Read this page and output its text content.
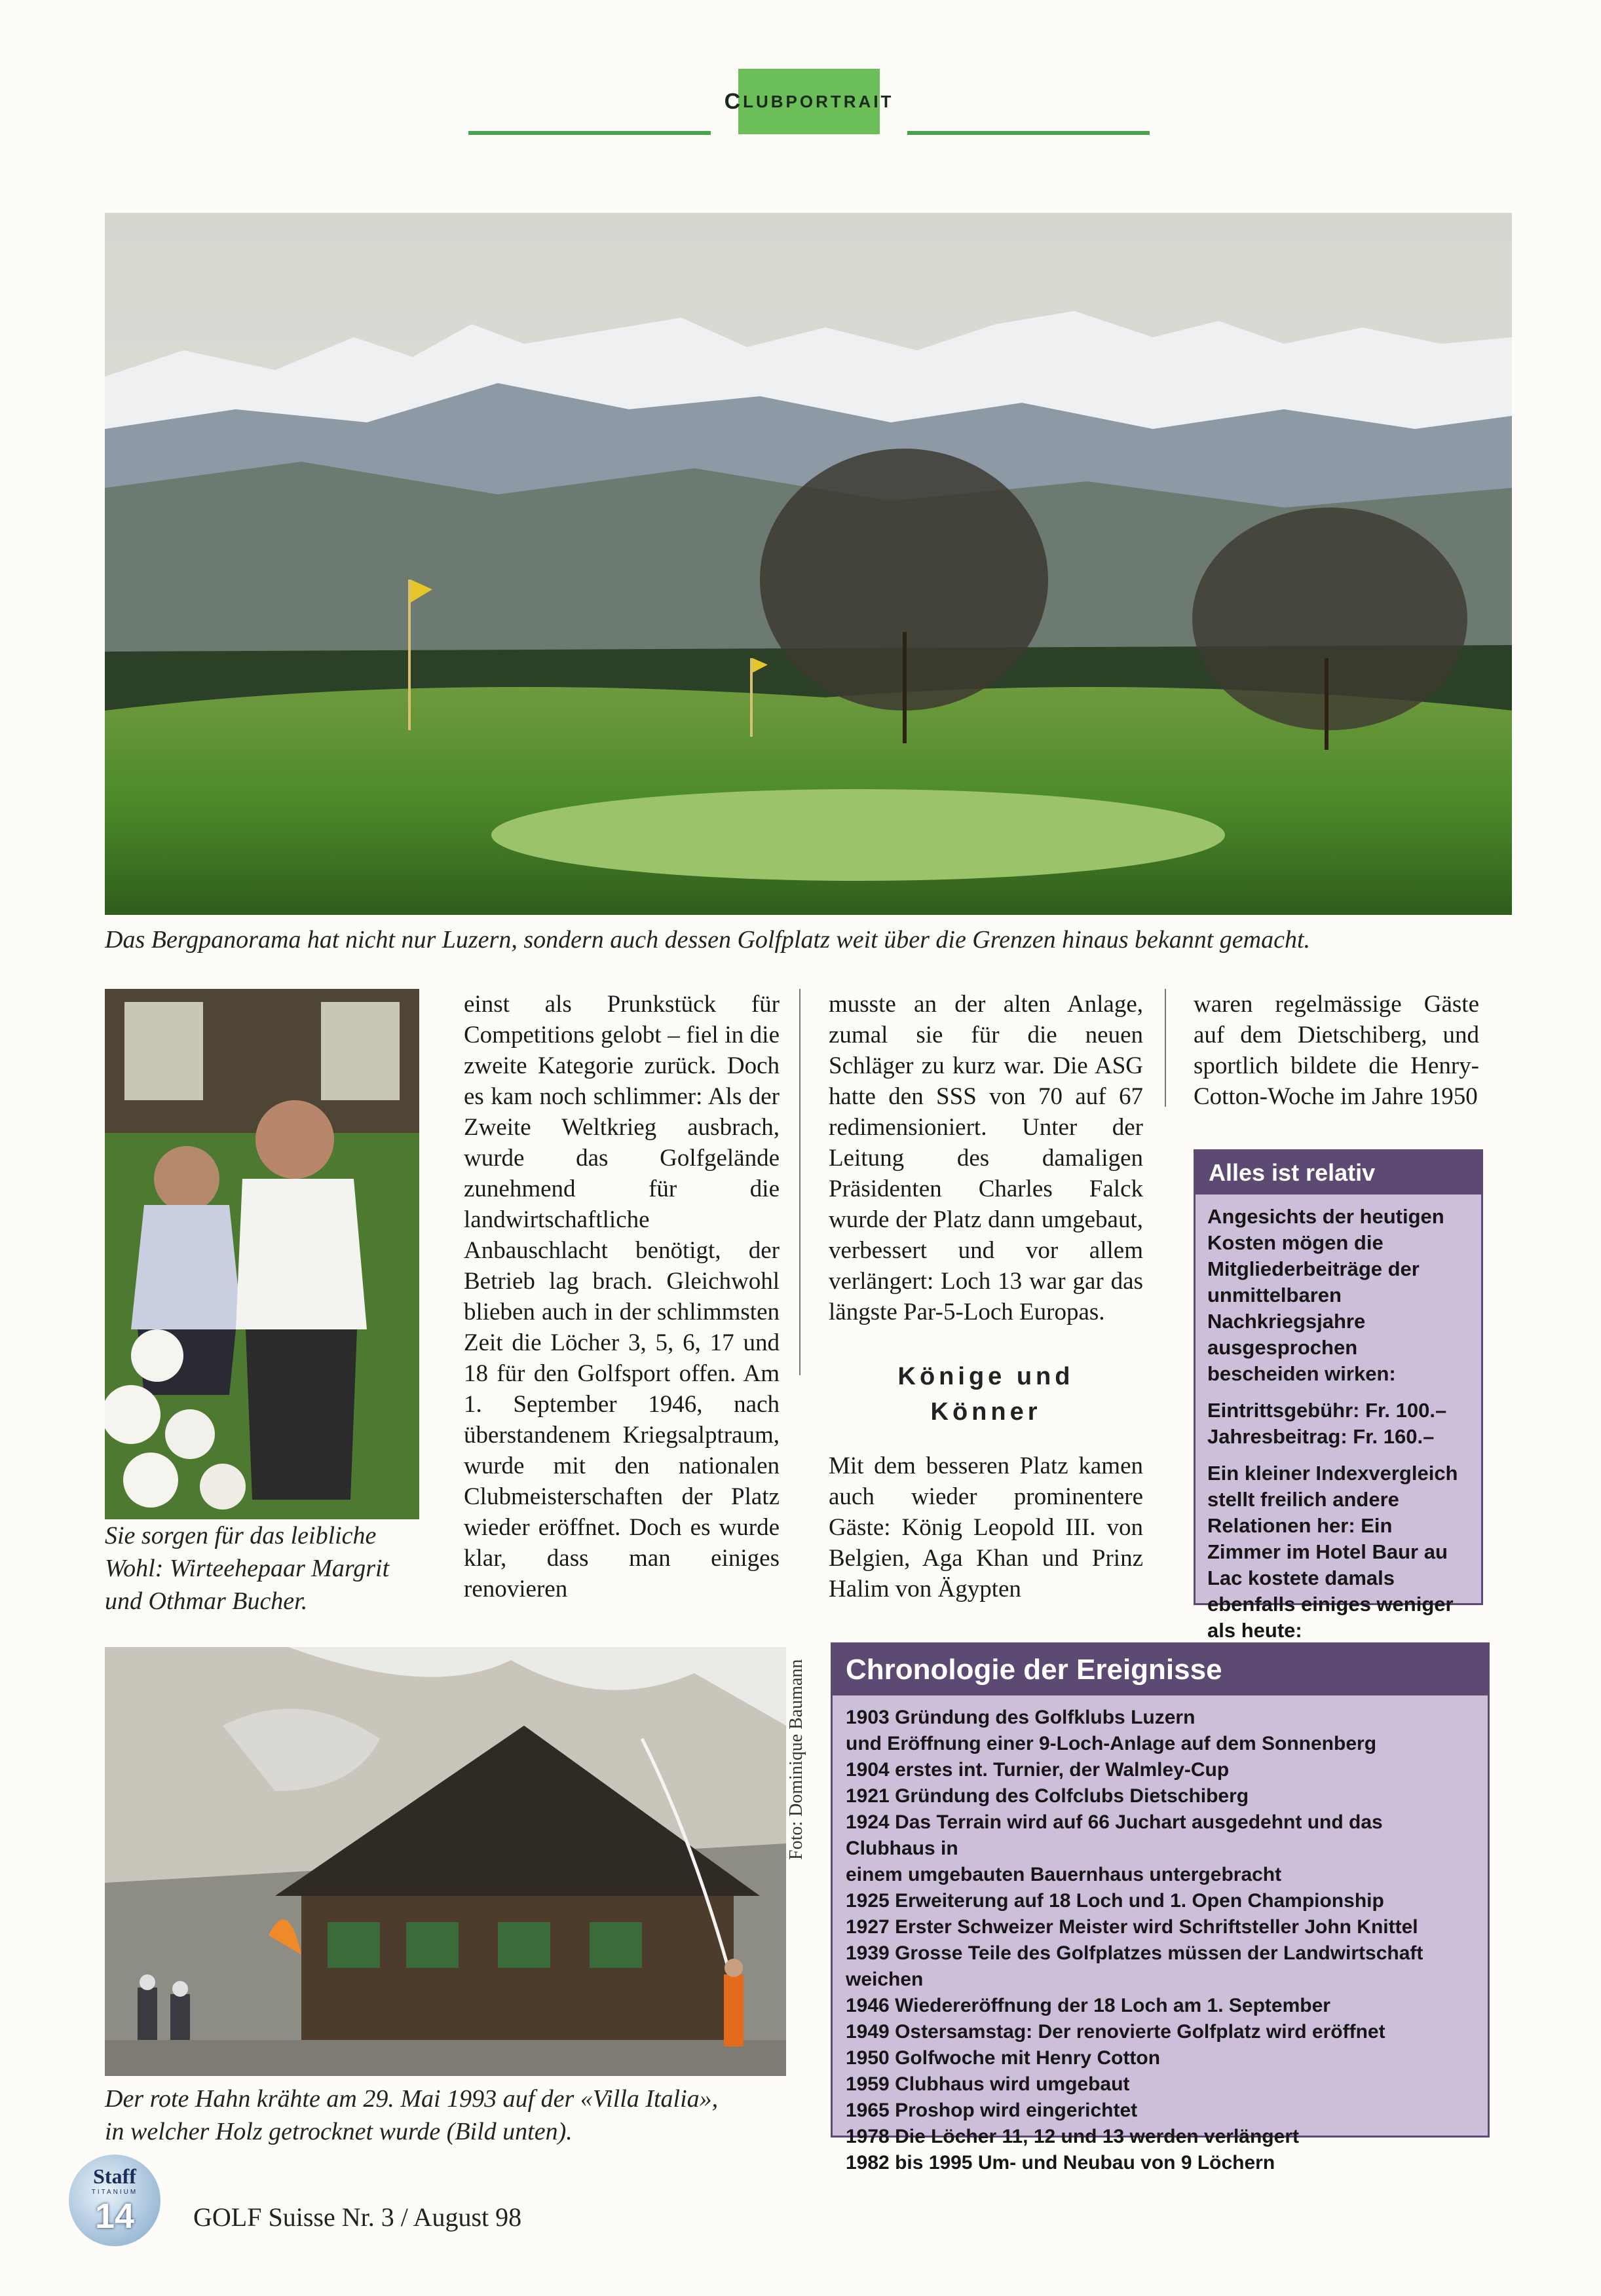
C LUBPORTRAIT
Das Bergpanorama hat nicht nur Luzern, sondern auch dessen Golfplatz weit über die Grenzen hinaus bekannt gemacht.
Sie sorgen für das leibliche
Wohl: Wirteehepaar Margrit
und Othmar Bucher.

einst als Prunkstück für Competitions gelobt – fiel in die zweite Kategorie zurück. Doch es kam noch schlimmer: Als der Zweite Weltkrieg ausbrach, wurde das Golfgelände zunehmend für die landwirtschaftliche Anbauschlacht benötigt, der Betrieb lag brach. Gleichwohl blieben auch in der schlimmsten Zeit die Löcher 3, 5, 6, 17 und 18 für den Golfsport offen. Am 1. September 1946, nach überstandenem Kriegsalptraum, wurde mit den nationalen Clubmeisterschaften der Platz wieder eröffnet. Doch es wurde klar, dass man einiges renovieren

musste an der alten Anlage, zumal sie für die neuen Schläger zu kurz war. Die ASG hatte den SSS von 70 auf 67 redimensioniert. Unter der Leitung des damaligen Präsidenten Charles Falck wurde der Platz dann umgebaut, verbessert und vor allem verlängert: Loch 13 war gar das längste Par-5-Loch Europas.

Könige und
Könner

Mit dem besseren Platz kamen auch wieder prominentere Gäste: König Leopold III. von Belgien, Aga Khan und Prinz Halim von Ägypten

waren regelmässige Gäste auf dem Dietschiberg, und sportlich bildete die Henry-Cotton-Woche im Jahre 1950

Alles ist relativ

Angesichts der heutigen Kosten mögen die Mitgliederbeiträge der unmittelbaren Nachkriegsjahre ausgesprochen bescheiden wirken:

Eintrittsgebühr: Fr. 100.–

Jahresbeitrag: Fr. 160.–

Ein kleiner Indexvergleich stellt freilich andere Relationen her: Ein Zimmer im Hotel Baur au Lac kostete damals ebenfalls einiges weniger als heute:

Foto: Dominique Baumann
Der rote Hahn krähte am 29. Mai 1993 auf der «Villa Italia»,
in welcher Holz getrocknet wurde (Bild unten).
Chronologie der Ereignisse
1903 Gründung des Golfklubs Luzern
und Eröffnung einer 9-Loch-Anlage auf dem Sonnenberg
1904 erstes int. Turnier, der Walmley-Cup
1921 Gründung des Colfclubs Dietschiberg
1924 Das Terrain wird auf 66 Juchart ausgedehnt und das Clubhaus in
einem umgebauten Bauernhaus untergebracht
1925 Erweiterung auf 18 Loch und 1. Open Championship
1927 Erster Schweizer Meister wird Schriftsteller John Knittel
1939 Grosse Teile des Golfplatzes müssen der Landwirtschaft weichen
1946 Wiedereröffnung der 18 Loch am 1. September
1949 Ostersamstag: Der renovierte Golfplatz wird eröffnet
1950 Golfwoche mit Henry Cotton
1959 Clubhaus wird umgebaut
1965 Proshop wird eingerichtet
1978 Die Löcher 11, 12 und 13 werden verlängert
1982 bis 1995 Um- und Neubau von 9 Löchern
Staff
TITANIUM
14 GOLF Suisse Nr. 3 / August 98
